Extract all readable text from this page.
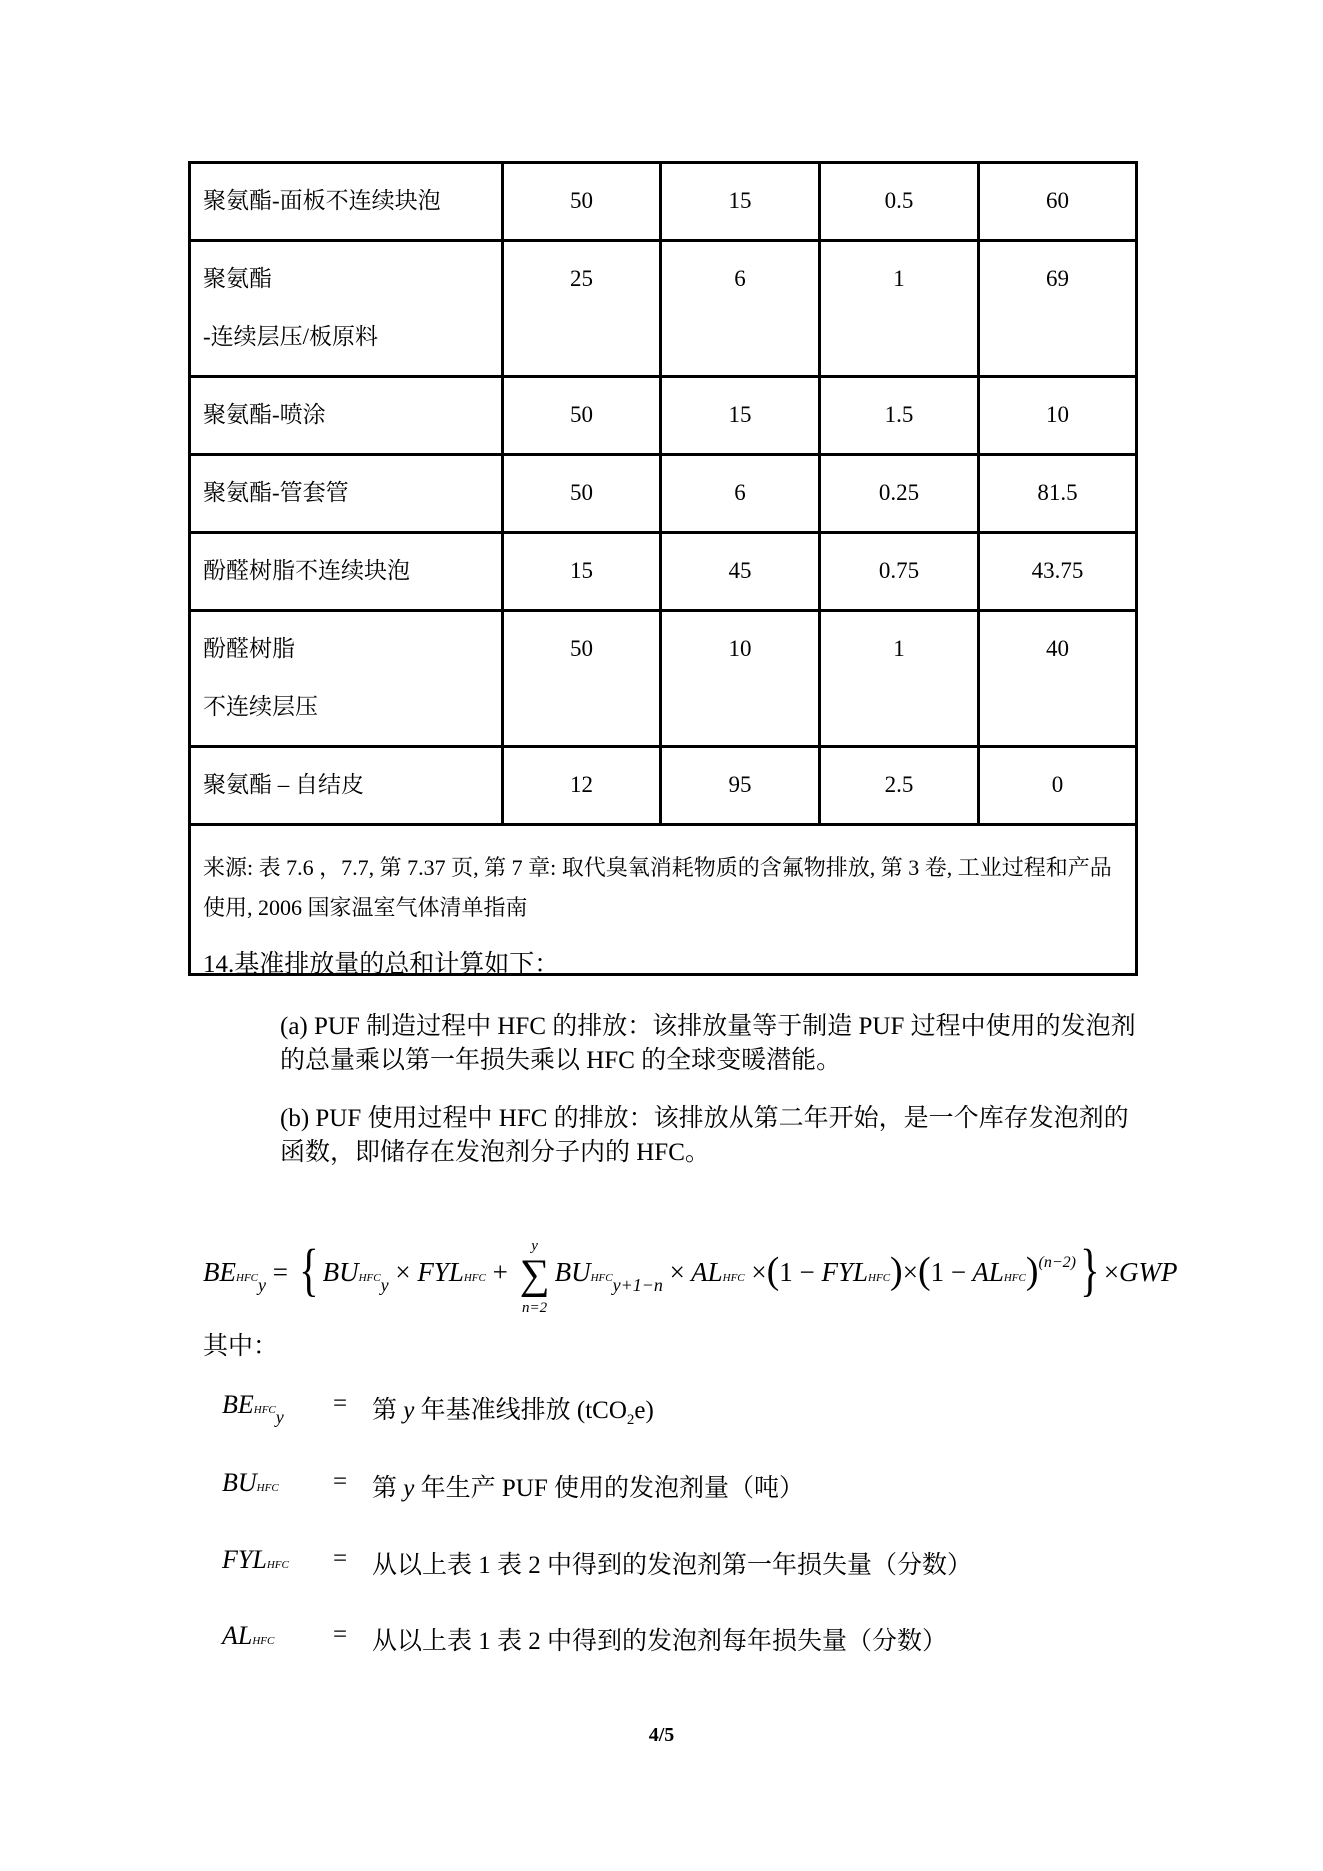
聚氨酯-面板不连续块泡	50	15	0.5	60

聚氨酯
-连续层压/板原料	25	6	1	69

聚氨酯-喷涂	50	15	1.5	10

聚氨酯-管套管	50	6	0.25	81.5

酚醛树脂不连续块泡	15	45	0.75	43.75

酚醛树脂
不连续层压	50	10	1	40

聚氨酯 – 自结皮	12	95	2.5	0

来源: 表 7.6 ，7.7, 第 7.37 页, 第 7 章: 取代臭氧消耗物质的含氟物排放, 第 3 卷, 工业过程和产品使用, 2006 国家温室气体清单指南				
14.基准排放量的总和计算如下：
(a) PUF 制造过程中 HFC 的排放：该排放量等于制造 PUF 过程中使用的发泡剂的总量乘以第一年损失乘以 HFC 的全球变暖潜能。
(b) PUF 使用过程中 HFC 的排放：该排放从第二年开始，是一个库存发泡剂的函数，即储存在发泡剂分子内的 HFC。
$BEHFC_y$ = { $BUHFC_y$ × FYLHFC +
y
∑
n=2
$BUHFC_{y+1-n}$ × ALHFC ×(1 − FYLHFC)×(1 − ALHFC)$^{(n-2)}$} ×GWP
其中：
$BEHFC_y$ = 第 y 年基准线排放 (tCO$_2$e)
BUHFC = 第 y 年生产 PUF 使用的发泡剂量（吨）
FYLHFC = 从以上表 1 表 2 中得到的发泡剂第一年损失量（分数）
ALHFC = 从以上表 1 表 2 中得到的发泡剂每年损失量（分数）
4/5
